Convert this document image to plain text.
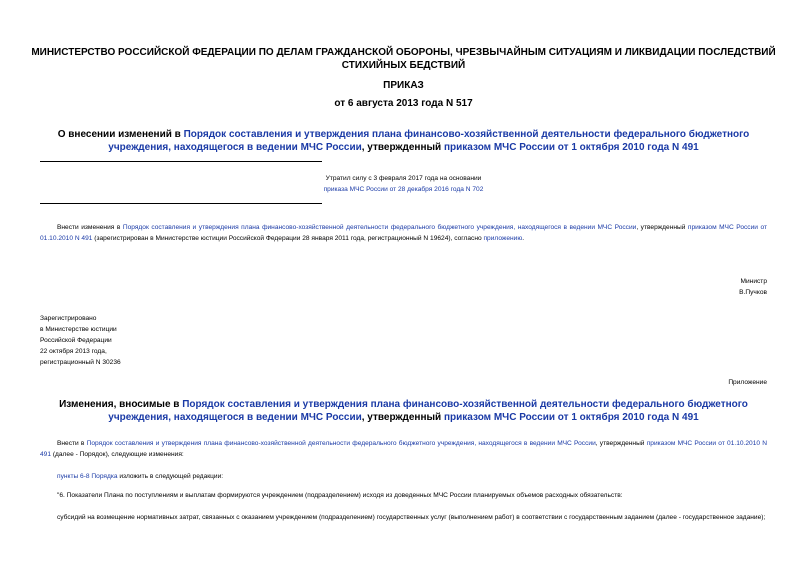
МИНИСТЕРСТВО РОССИЙСКОЙ ФЕДЕРАЦИИ ПО ДЕЛАМ ГРАЖДАНСКОЙ ОБОРОНЫ, ЧРЕЗВЫЧАЙНЫМ СИТУАЦИЯМ И ЛИКВИДАЦИИ ПОСЛЕДСТВИЙ СТИХИЙНЫХ БЕДСТВИЙ
ПРИКАЗ
от 6 августа 2013 года N 517
О внесении изменений в Порядок составления и утверждения плана финансово-хозяйственной деятельности федерального бюджетного учреждения, находящегося в ведении МЧС России, утвержденный приказом МЧС России от 1 октября 2010 года N 491
Утратил силу с 3 февраля 2017 года на основании
приказа МЧС России от 28 декабря 2016 года N 702
Внести изменения в Порядок составления и утверждения плана финансово-хозяйственной деятельности федерального бюджетного учреждения, находящегося в ведении МЧС России, утвержденный приказом МЧС России от 01.10.2010 N 491 (зарегистрирован в Министерстве юстиции Российской Федерации 28 января 2011 года, регистрационный N 19624), согласно приложению.
Министр
В.Пучков
Зарегистрировано
в Министерстве юстиции
Российской Федерации
22 октября 2013 года,
регистрационный N 30236
Приложение
Изменения, вносимые в Порядок составления и утверждения плана финансово-хозяйственной деятельности федерального бюджетного учреждения, находящегося в ведении МЧС России, утвержденный приказом МЧС России от 1 октября 2010 года N 491
Внести в Порядок составления и утверждения плана финансово-хозяйственной деятельности федерального бюджетного учреждения, находящегося в ведении МЧС России, утвержденный приказом МЧС России от 01.10.2010 N 491 (далее - Порядок), следующие изменения:
пункты 6-8 Порядка изложить в следующей редакции:
"6. Показатели Плана по поступлениям и выплатам формируются учреждением (подразделением) исходя из доведенных МЧС России планируемых объемов расходных обязательств:
субсидий на возмещение нормативных затрат, связанных с оказанием учреждением (подразделением) государственных услуг (выполнением работ) в соответствии с государственным заданием (далее - государственное задание);
